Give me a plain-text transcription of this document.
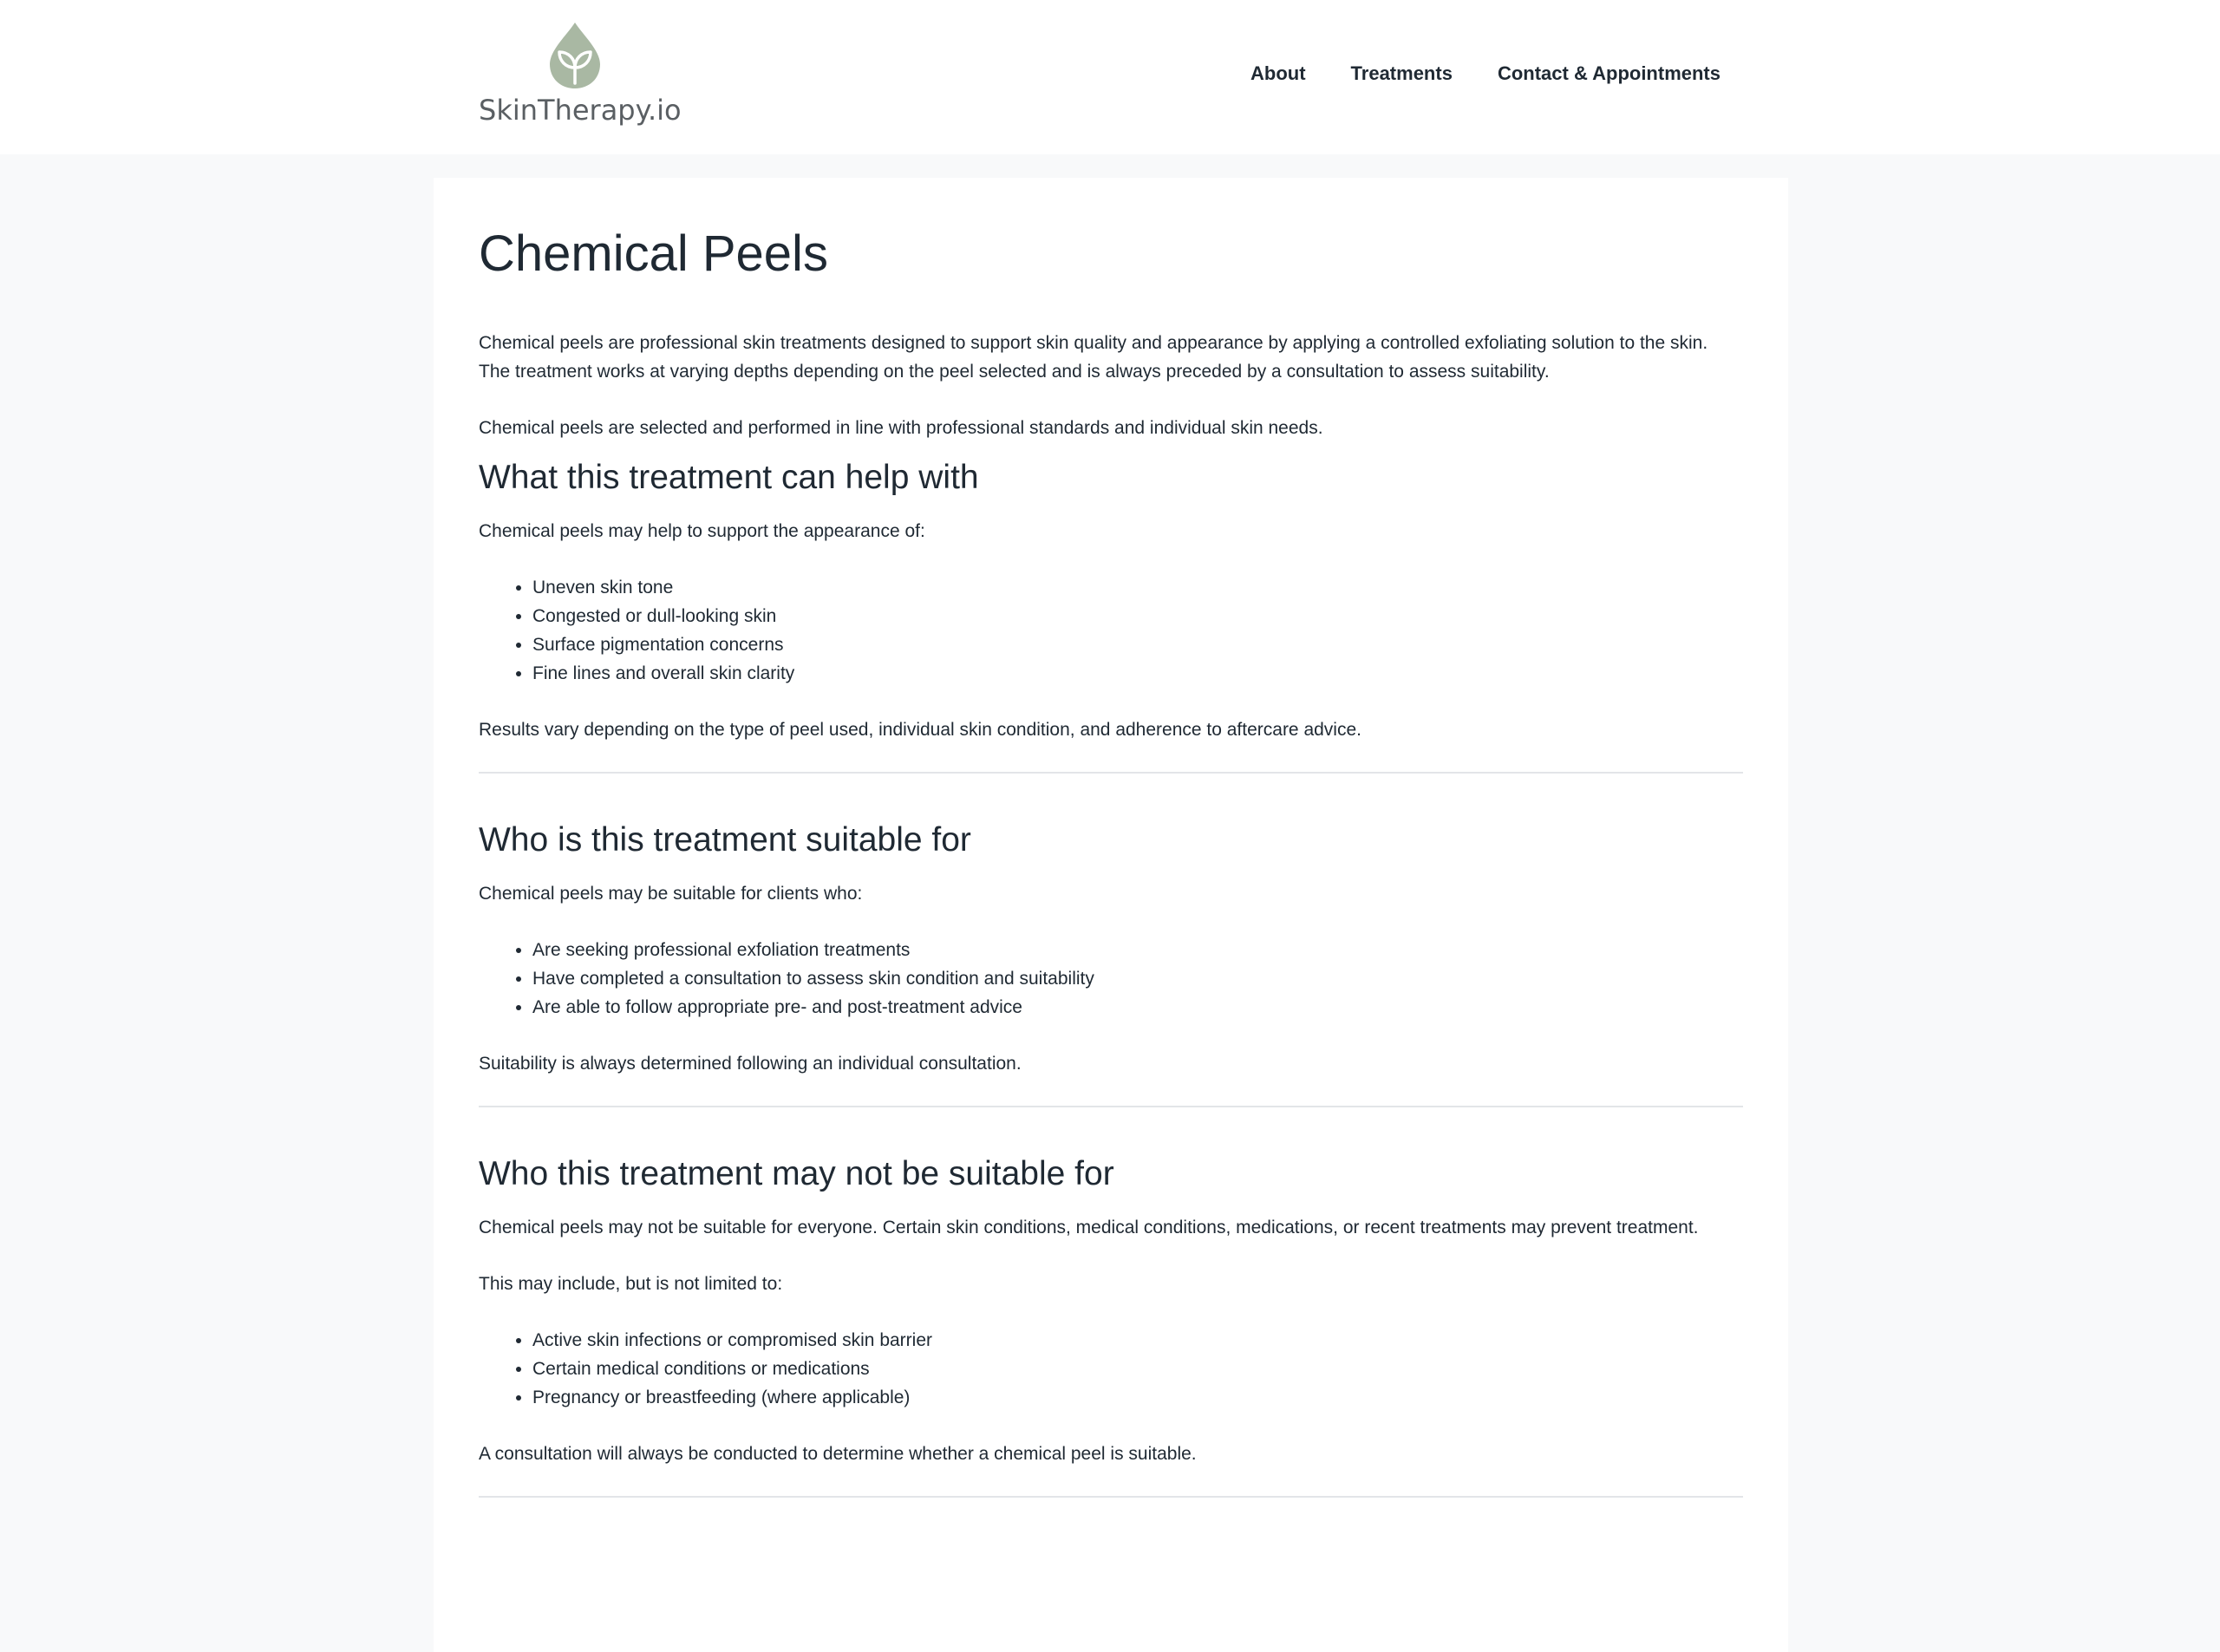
SkinTherapy.io
About Treatments Contact & Appointments
Chemical Peels

Chemical peels are professional skin treatments designed to support skin quality and appearance by applying a controlled exfoliating solution to the skin. The treatment works at varying depths depending on the peel selected and is always preceded by a consultation to assess suitability.

Chemical peels are selected and performed in line with professional standards and individual skin needs.

What this treatment can help with

Chemical peels may help to support the appearance of:

• Uneven skin tone
• Congested or dull-looking skin
• Surface pigmentation concerns
• Fine lines and overall skin clarity

Results vary depending on the type of peel used, individual skin condition, and adherence to aftercare advice.

Who is this treatment suitable for

Chemical peels may be suitable for clients who:

• Are seeking professional exfoliation treatments
• Have completed a consultation to assess skin condition and suitability
• Are able to follow appropriate pre- and post-treatment advice

Suitability is always determined following an individual consultation.

Who this treatment may not be suitable for

Chemical peels may not be suitable for everyone. Certain skin conditions, medical conditions, medications, or recent treatments may prevent treatment.

This may include, but is not limited to:

• Active skin infections or compromised skin barrier
• Certain medical conditions or medications
• Pregnancy or breastfeeding (where applicable)

A consultation will always be conducted to determine whether a chemical peel is suitable.
